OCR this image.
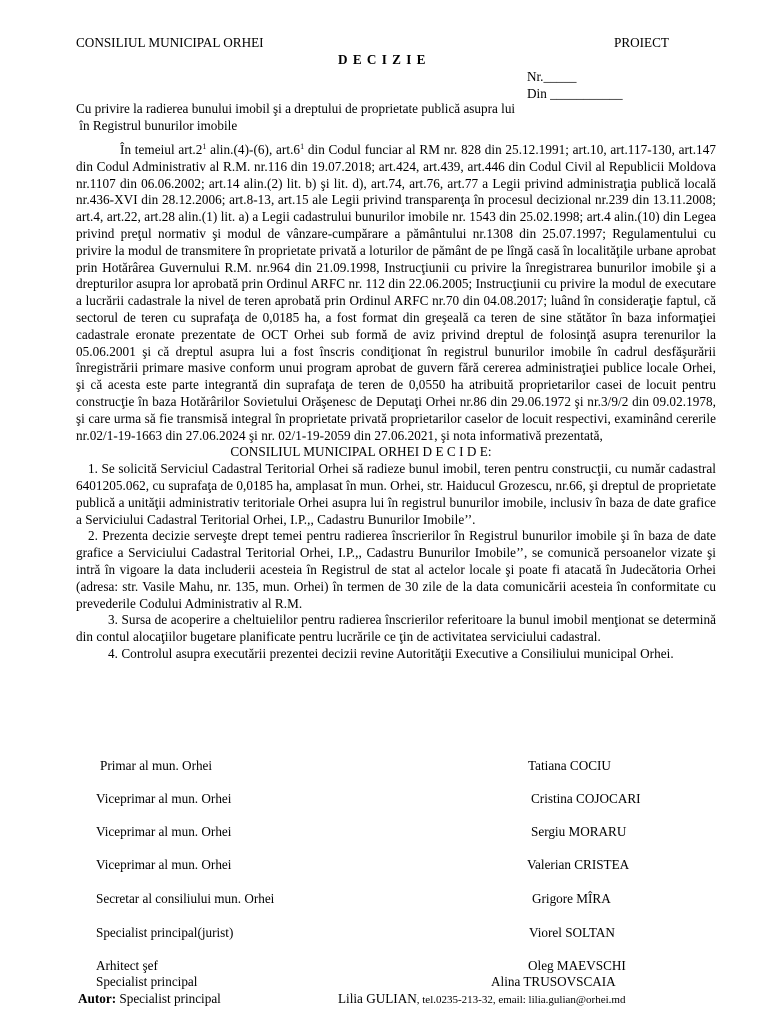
CONSILIUL MUNICIPAL ORHEI	PROIECT
D E C I Z I E
Nr._____
Din ___________
Cu privire la radierea bunului imobil şi a dreptului de proprietate publică asupra lui
în Registrul bunurilor imobile

În temeiul $art.2^1$ alin.(4)-(6), $art.6^1$ din Codul funciar al RM nr. 828 din 25.12.1991; art.10, art.117-130, art.147 din Codul Administrativ al R.M. nr.116 din 19.07.2018; art.424, art.439, art.446 din Codul Civil al Republicii Moldova nr.1107 din 06.06.2002; art.14 alin.(2) lit. b) şi lit. d), art.74, art.76, art.77 a Legii privind administraţia publică locală nr.436-XVI din 28.12.2006; art.8-13, art.15 ale Legii privind transparenţa în procesul decizional nr.239 din 13.11.2008; art.4, art.22, art.28 alin.(1) lit. a) a Legii cadastrului bunurilor imobile nr. 1543 din 25.02.1998; art.4 alin.(10) din Legea privind preţul normativ şi modul de vânzare-cumpărare a pământului nr.1308 din 25.07.1997; Regulamentului cu privire la modul de transmitere în proprietate privată a loturilor de pământ de pe lîngă casă în localităţile urbane aprobat prin Hotărârea Guvernului R.M. nr.964 din 21.09.1998, Instrucţiunii cu privire la înregistrarea bunurilor imobile şi a drepturilor asupra lor aprobată prin Ordinul ARFC nr. 112 din 22.06.2005; Instrucţiunii cu privire la modul de executare a lucrării cadastrale la nivel de teren aprobată prin Ordinul ARFC nr.70 din 04.08.2017; luând în consideraţie faptul, că sectorul de teren cu suprafaţa de 0,0185 ha, a fost format din greşeală ca teren de sine stătător în baza informaţiei cadastrale eronate prezentate de OCT Orhei sub formă de aviz privind dreptul de folosinţă asupra terenurilor la 05.06.2001 şi că dreptul asupra lui a fost înscris condiţionat în registrul bunurilor imobile în cadrul desfăşurării înregistrării primare masive conform unui program aprobat de guvern fără cererea administraţiei publice locale Orhei, şi că acesta este parte integrantă din suprafaţa de teren de 0,0550 ha atribuită proprietarilor casei de locuit pentru construcţie în baza Hotărârilor Sovietului Orăşenesc de Deputaţi Orhei nr.86 din 29.06.1972 şi nr.3/9/2 din 09.02.1978, şi care urma să fie transmisă integral în proprietate privată proprietarilor caselor de locuit respectivi, examinând cererile nr.02/1-19-1663 din 27.06.2024 şi nr. 02/1-19-2059 din 27.06.2021, şi nota informativă prezentată,

CONSILIUL MUNICIPAL ORHEI D E C I D E:

1. Se solicită Serviciul Cadastral Teritorial Orhei să radieze bunul imobil, teren pentru construcţii, cu număr cadastral 6401205.062, cu suprafaţa de 0,0185 ha, amplasat în mun. Orhei, str. Haiducul Grozescu, nr.66, şi dreptul de proprietate publică a unităţii administrativ teritoriale Orhei asupra lui în registrul bunurilor imobile, inclusiv în baza de date grafice a Serviciului Cadastral Teritorial Orhei, I.P.,, Cadastru Bunurilor Imobile’’.

2. Prezenta decizie serveşte drept temei pentru radierea înscrierilor în Registrul bunurilor imobile şi în baza de date grafice a Serviciului Cadastral Teritorial Orhei, I.P.,, Cadastru Bunurilor Imobile’’, se comunică persoanelor vizate şi intră în vigoare la data includerii acesteia în Registrul de stat al actelor locale şi poate fi atacată în Judecătoria Orhei (adresa: str. Vasile Mahu, nr. 135, mun. Orhei) în termen de 30 zile de la data comunicării acesteia în conformitate cu prevederile Codului Administrativ al R.M.

3. Sursa de acoperire a cheltuielilor pentru radierea înscrierilor referitoare la bunul imobil menţionat se determină din contul alocaţiilor bugetare planificate pentru lucrările ce ţin de activitatea serviciului cadastral.

4. Controlul asupra executării prezentei decizii revine Autorităţii Executive a Consiliului municipal Orhei.

Primar al mun. Orhei	Tatiana COCIU
Viceprimar al mun. Orhei	Cristina COJOCARI
Viceprimar al mun. Orhei	Sergiu MORARU
Viceprimar al mun. Orhei	Valerian CRISTEA
Secretar al consiliului mun. Orhei	Grigore MÎRA
Specialist principal(jurist)	Viorel SOLTAN
Arhitect şef	Oleg MAEVSCHI
Specialist principal	Alina TRUSOVSCAIA
Autor: Specialist principal	Lilia GULIAN, tel.0235-213-32, email: lilia.gulian@orhei.md
